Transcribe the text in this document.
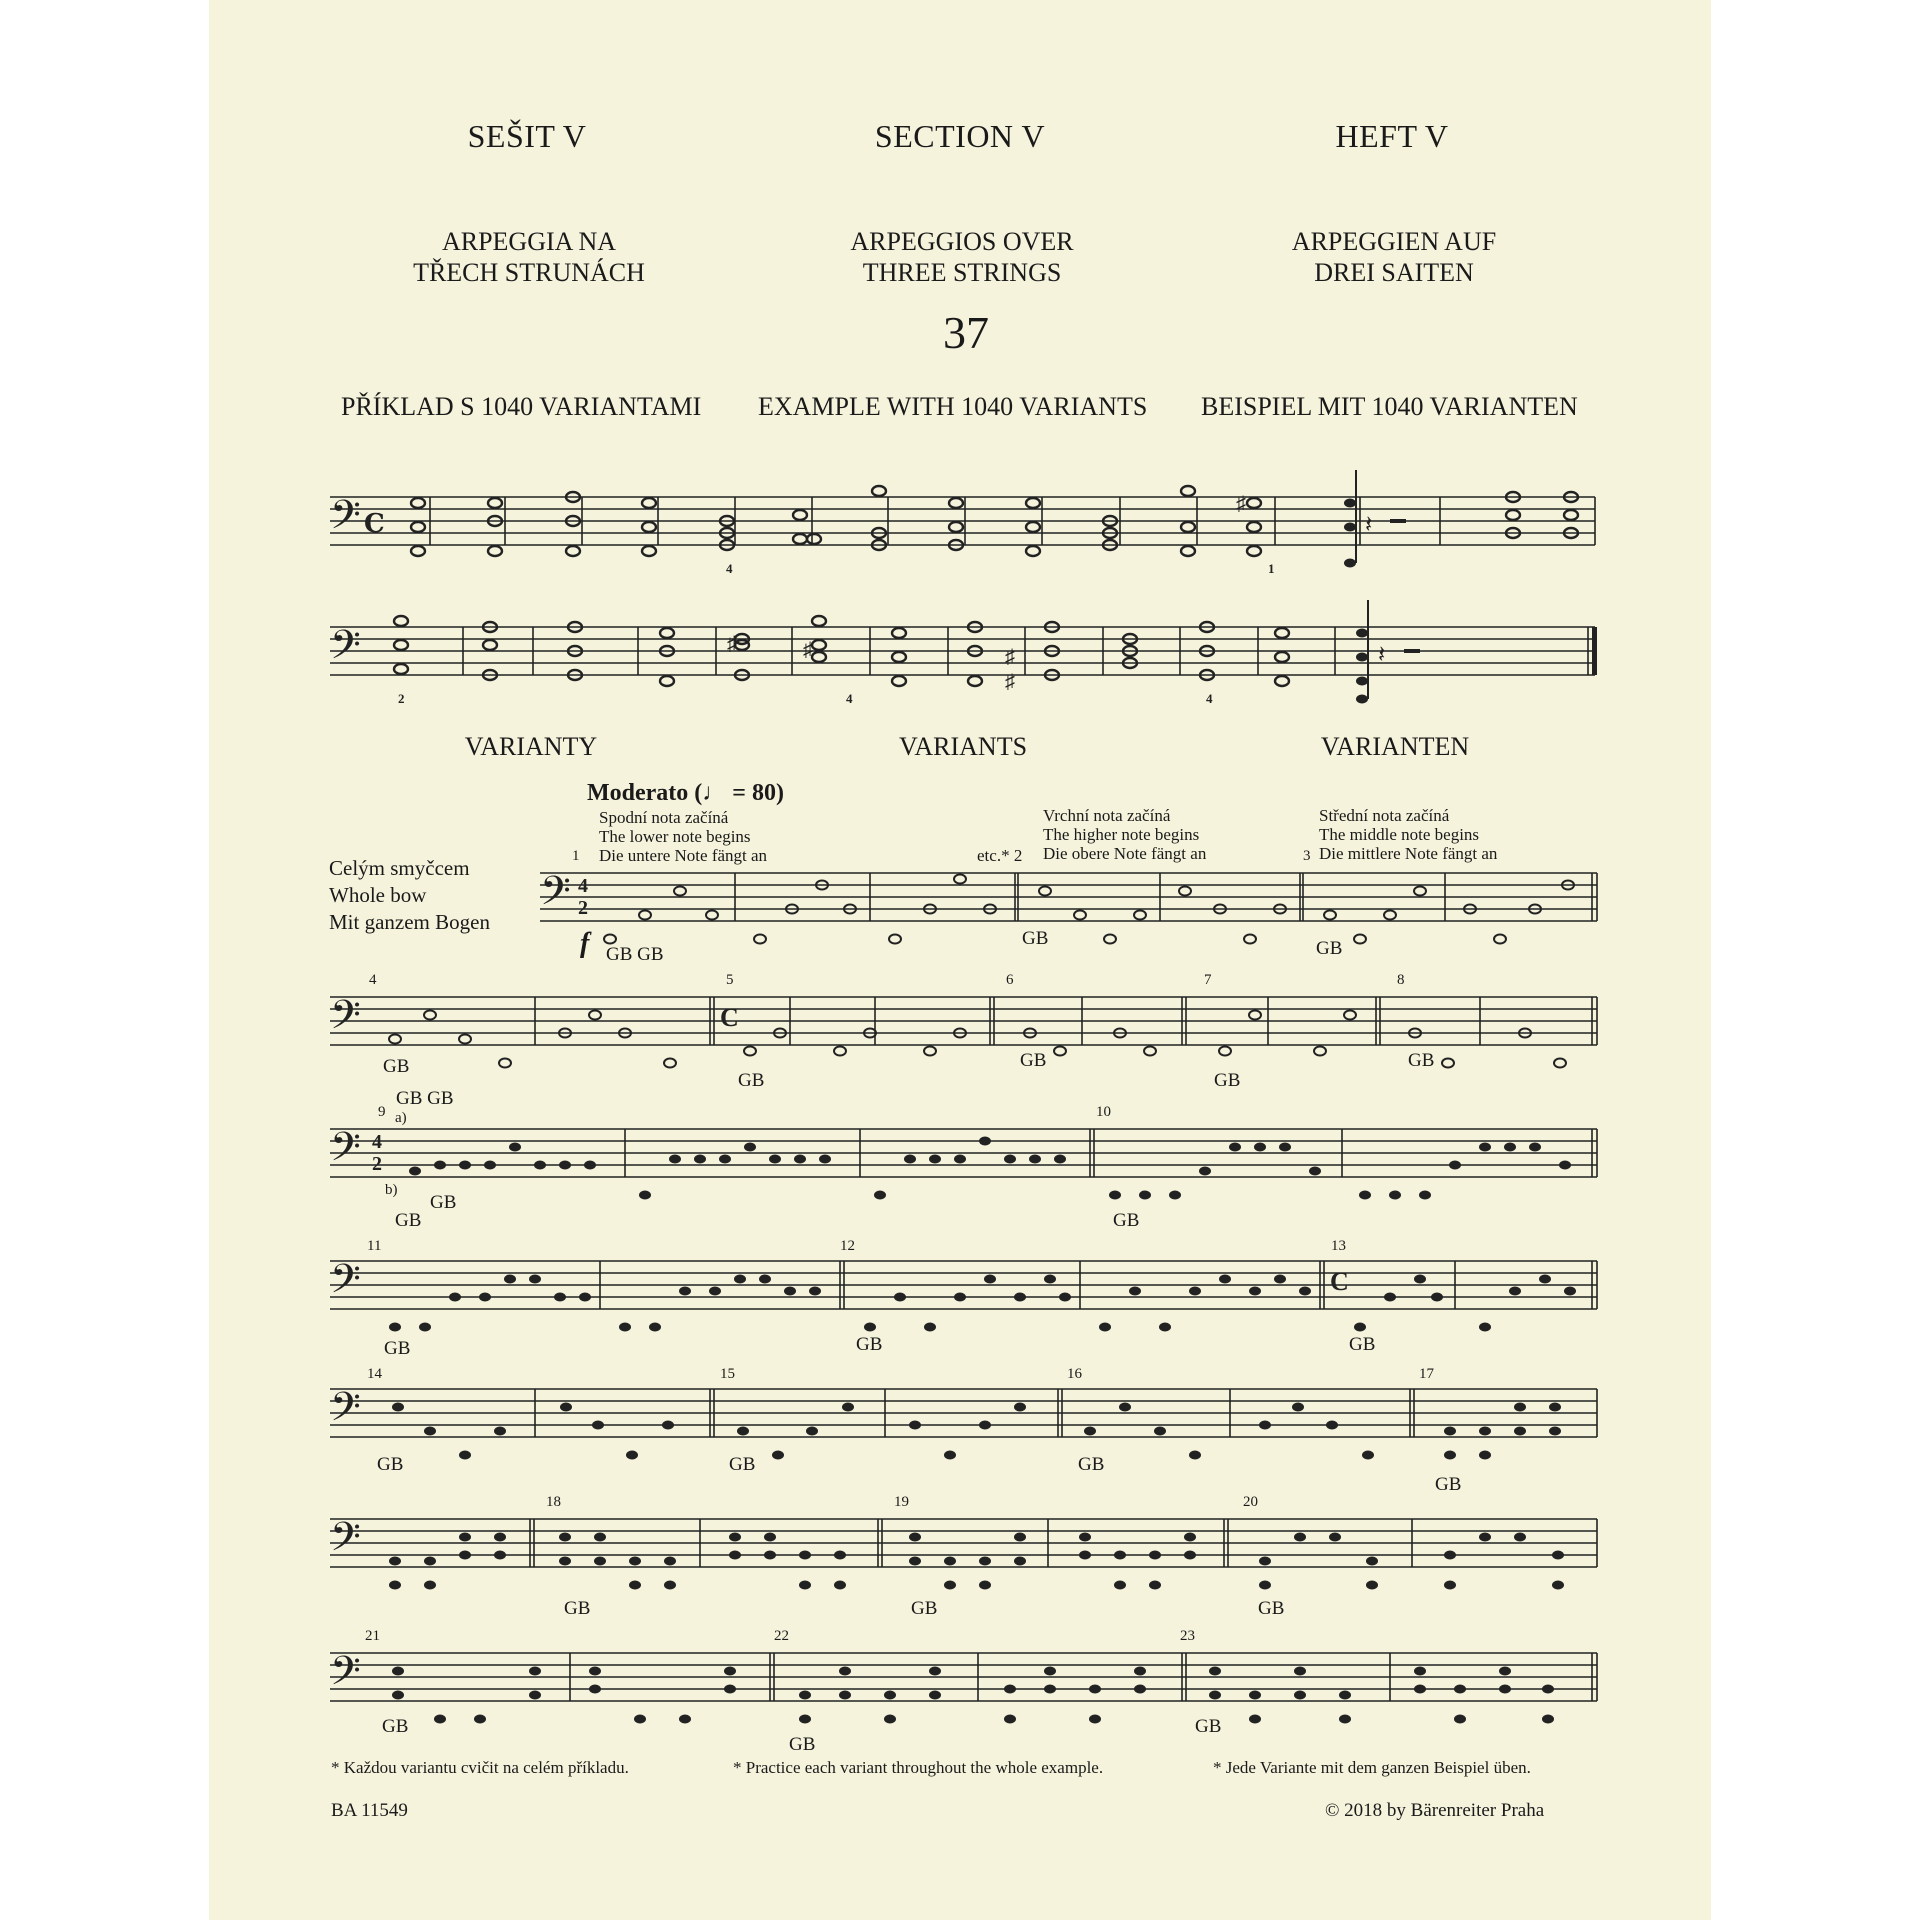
SEŠIT V	SECTION V	HEFT V
ARPEGGIA NA
TŘECH STRUNÁCH
ARPEGGIOS OVER
THREE STRINGS
ARPEGGIEN AUF
DREI SAITEN
37
PŘÍKLAD S 1040 VARIANTAMI EXAMPLE WITH 1040 VARIANTS BEISPIEL MIT 1040 VARIANTEN
𝄢 C
♯
𝄽
4	1
𝄢	♯	♯	♯
♯
𝄽
2	4	4
VARIANTY	VARIANTS	VARIANTEN
Moderato (♩ = 80)
Spodní nota začíná
The lower note begins
Die untere Note fängt an
Vrchní nota začíná
The higher note begins
Die obere Note fängt an
Střední nota začíná
The middle note begins
Die mittlere Note fängt an
Celým smyčcem
Whole bow
Mit ganzem Bogen
1	etc.* 2	3
𝄢 4
2
f GB GB
GB	GB
4	5	6	7	8
𝄢	C
GB
GB
GB
GB
GB
GB GB
9 a)	10
𝄢 4
2
b)
GB
GB	GB
11	12	13
𝄢	C
GB	GB	GB
14	15	16	17
𝄢
GB	GB	GB
GB
18	19	20
𝄢
GB	GB	GB
21	22	23
𝄢
GB
GB
GB
* Každou variantu cvičit na celém příkladu.	* Practice each variant throughout the whole example.	* Jede Variante mit dem ganzen Beispiel üben.
BA 11549	© 2018 by Bärenreiter Praha
